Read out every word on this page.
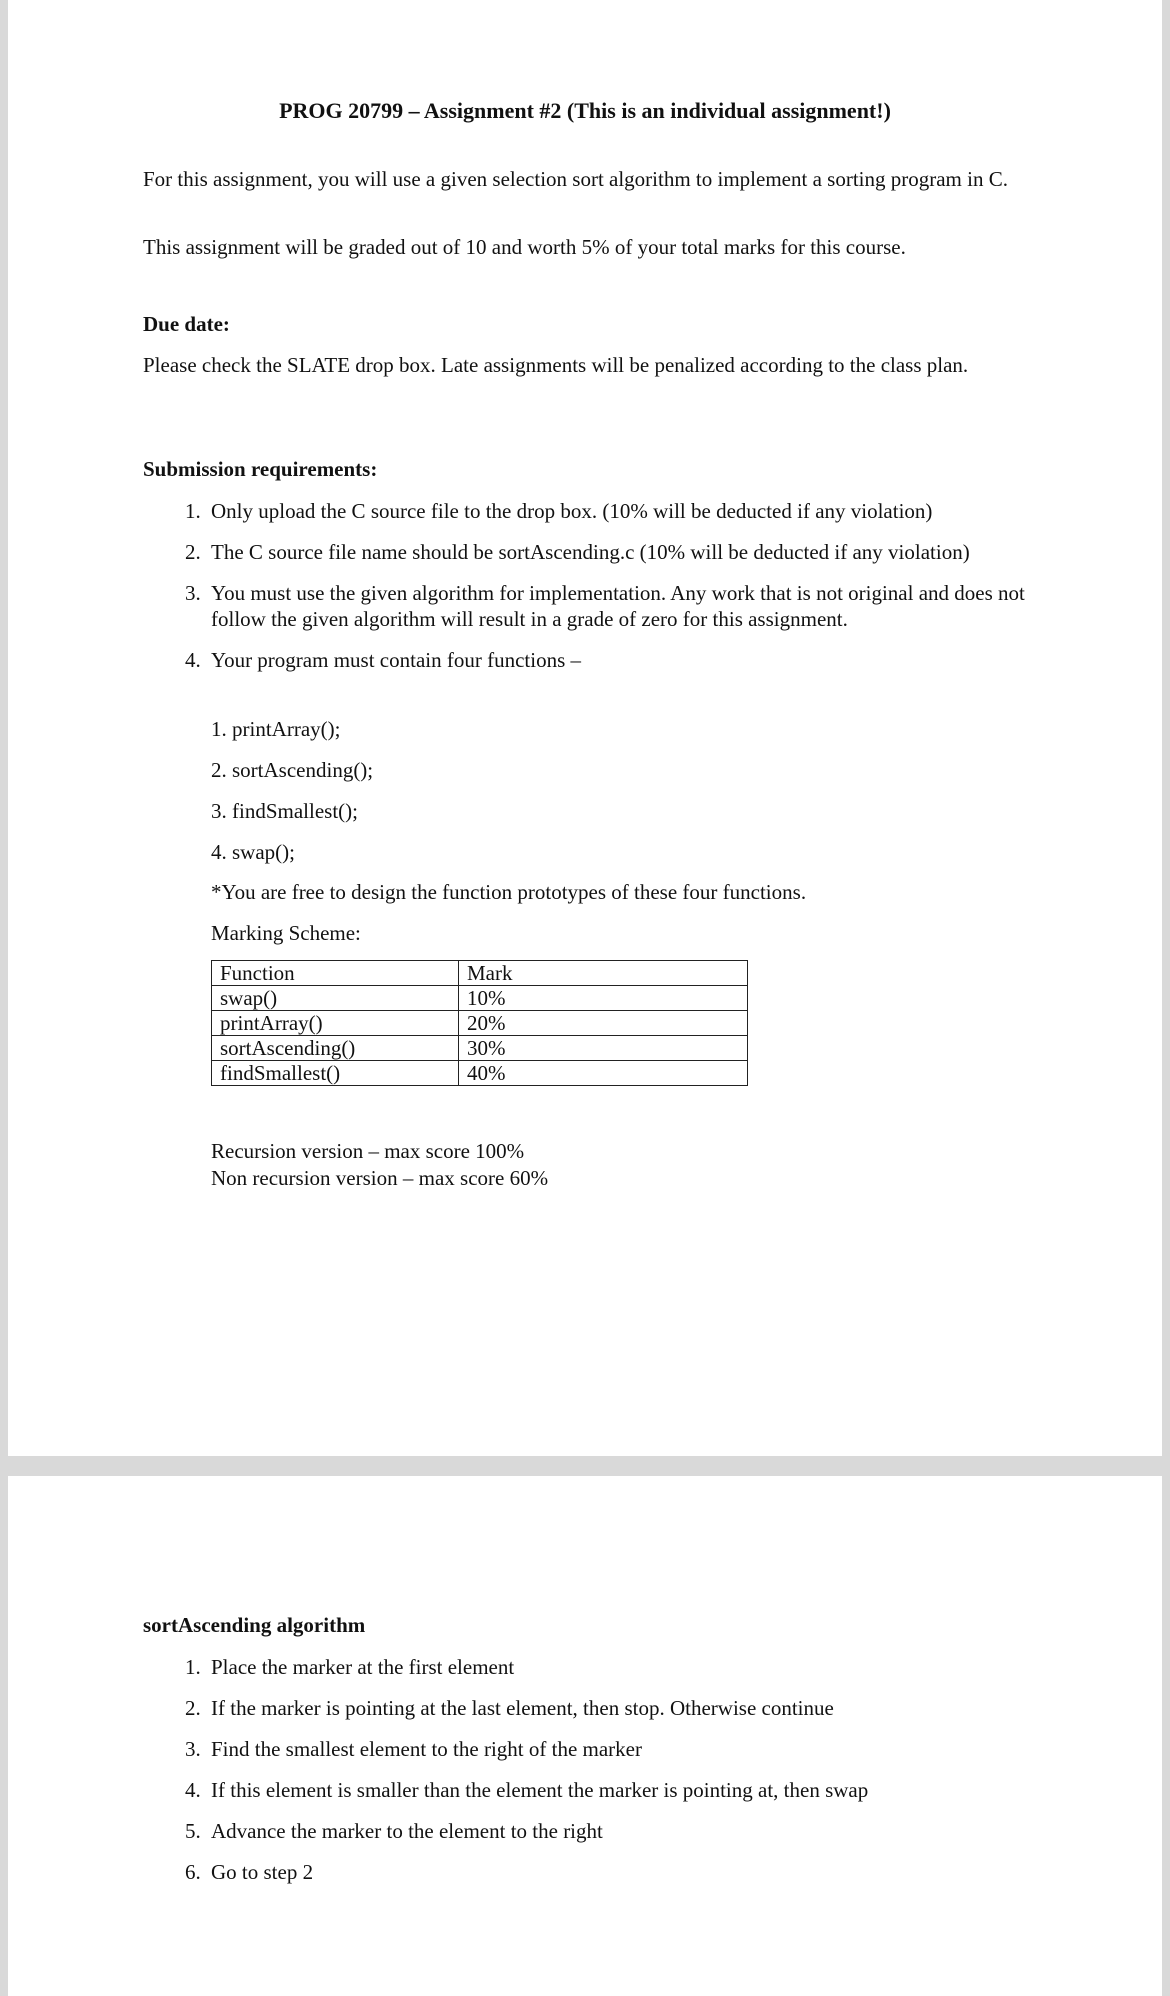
PROG 20799 – Assignment #2 (This is an individual assignment!)
For this assignment, you will use a given selection sort algorithm to implement a sorting program in C.
This assignment will be graded out of 10 and worth 5% of your total marks for this course.
Due date:
Please check the SLATE drop box. Late assignments will be penalized according to the class plan.
Submission requirements:
1. Only upload the C source file to the drop box. (10% will be deducted if any violation)
2. The C source file name should be sortAscending.c (10% will be deducted if any violation)
3. You must use the given algorithm for implementation. Any work that is not original and does not follow the given algorithm will result in a grade of zero for this assignment.
4. Your program must contain four functions –
1. printArray();
2. sortAscending();
3. findSmallest();
4. swap();
*You are free to design the function prototypes of these four functions.
Marking Scheme:
Function	Mark
swap()	10%
printArray()	20%
sortAscending()	30%
findSmallest()	40%
Recursion version – max score 100%
Non recursion version – max score 60%
sortAscending algorithm
1. Place the marker at the first element
2. If the marker is pointing at the last element, then stop. Otherwise continue
3. Find the smallest element to the right of the marker
4. If this element is smaller than the element the marker is pointing at, then swap
5. Advance the marker to the element to the right
6. Go to step 2
